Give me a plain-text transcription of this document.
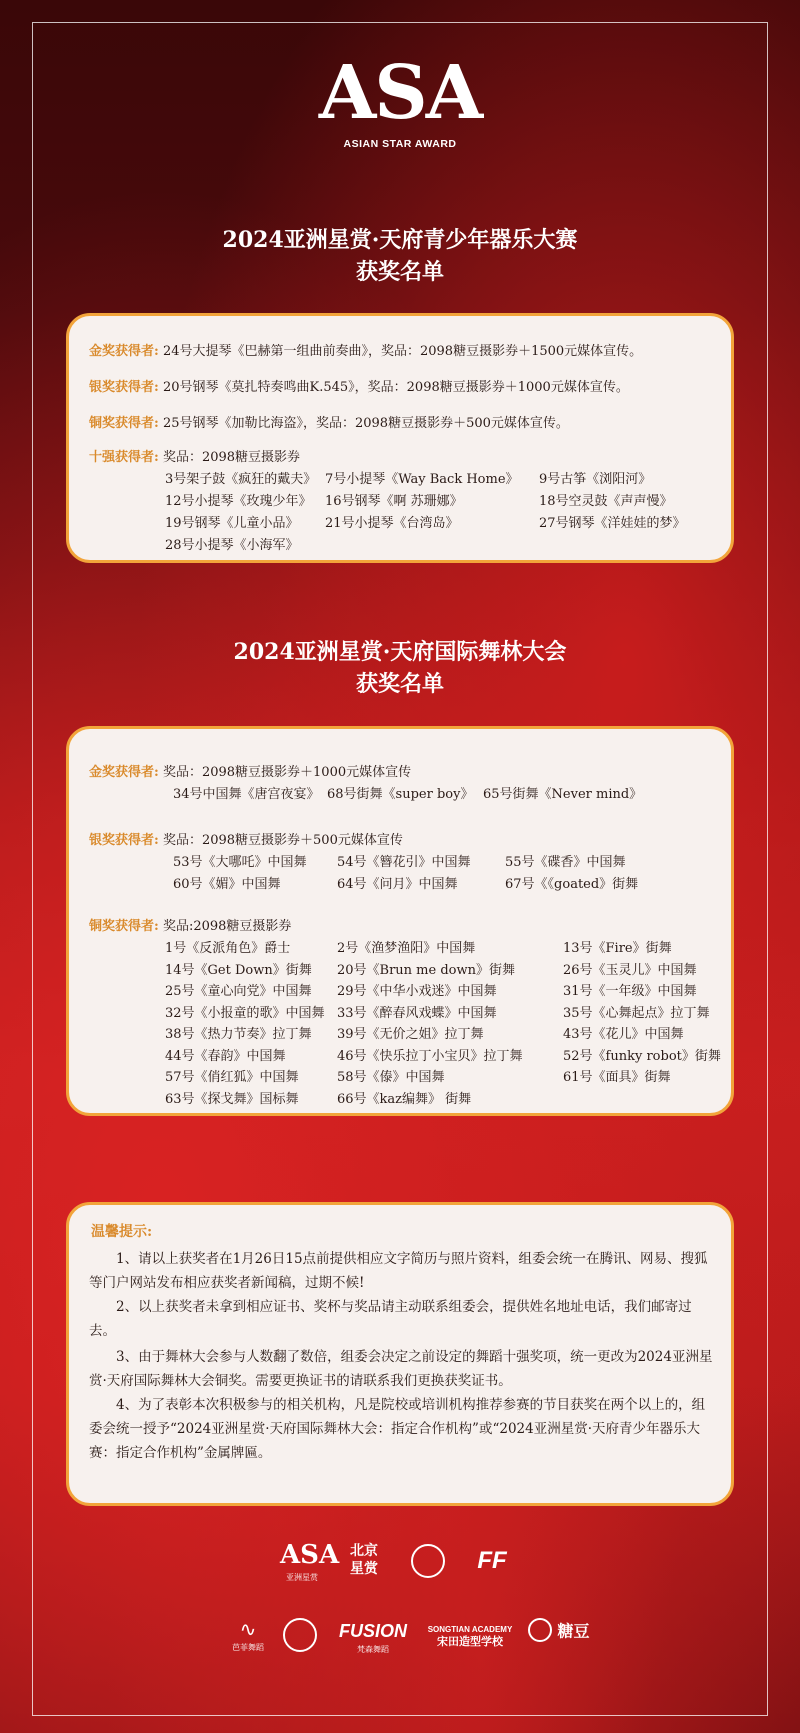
ASA
ASIAN STAR AWARD
2024亚洲星赏·天府青少年器乐大赛
获奖名单
金奖获得者: 24号大提琴《巴赫第一组曲前奏曲》，奖品：2098糖豆摄影券＋1500元媒体宣传。
银奖获得者: 20号钢琴《莫扎特奏鸣曲K.545》，奖品：2098糖豆摄影券＋1000元媒体宣传。
铜奖获得者: 25号钢琴《加勒比海盗》，奖品：2098糖豆摄影券＋500元媒体宣传。
十强获得者: 奖品：2098糖豆摄影券
3号架子鼓《疯狂的戴夫》 7号小提琴《Way Back Home》 9号古筝《浏阳河》
12号小提琴《玫瑰少年》 16号钢琴《啊 苏珊娜》	18号空灵鼓《声声慢》
19号钢琴《儿童小品》 21号小提琴《台湾岛》	27号钢琴《洋娃娃的梦》
28号小提琴《小海军》
2024亚洲星赏·天府国际舞林大会
获奖名单
金奖获得者: 奖品：2098糖豆摄影券＋1000元媒体宣传
34号中国舞《唐宫夜宴》 68号街舞《super boy》 65号街舞《Never mind》
银奖获得者: 奖品：2098糖豆摄影券＋500元媒体宣传
53号《大哪吒》中国舞 54号《簪花引》中国舞	55号《碟香》中国舞
60号《媚》中国舞	64号《问月》中国舞	67号《《goated》街舞
铜奖获得者: 奖品:2098糖豆摄影券
1号《反派角色》爵士	2号《渔梦渔阳》中国舞	13号《Fire》街舞
14号《Get Down》街舞 20号《Brun me down》街舞	26号《玉灵儿》中国舞
25号《童心向党》中国舞 29号《中华小戏迷》中国舞	31号《一年级》中国舞
32号《小报童的歌》中国舞 33号《醉春风戏蝶》中国舞	35号《心舞起点》拉丁舞
38号《热力节奏》拉丁舞 39号《无价之姐》拉丁舞	43号《花儿》中国舞
44号《春韵》中国舞	46号《快乐拉丁小宝贝》拉丁舞	52号《funky robot》街舞
57号《俏红狐》中国舞	58号《傣》中国舞	61号《面具》街舞
63号《探戈舞》国标舞	66号《kaz编舞》 街舞
温馨提示:
1、请以上获奖者在1月26日15点前提供相应文字简历与照片资料，组委会统一在腾讯、网易、搜狐等门户网站发布相应获奖者新闻稿，过期不候!
2、以上获奖者未拿到相应证书、奖杯与奖品请主动联系组委会，提供姓名地址电话，我们邮寄过去。
3、由于舞林大会参与人数翻了数倍，组委会决定之前设定的舞蹈十强奖项，统一更改为2024亚洲星赏·天府国际舞林大会铜奖。需要更换证书的请联系我们更换获奖证书。
4、为了表彰本次积极参与的相关机构，凡是院校或培训机构推荐参赛的节目获奖在两个以上的，组委会统一授予“2024亚洲星赏·天府国际舞林大会：指定合作机构”或“2024亚洲星赏·天府青少年器乐大赛：指定合作机构”金属牌匾。
ASA
亚洲星赏
北京星赏	FF
∿
芭菲舞蹈
FUSION
梵森舞蹈
SONGTIAN ACADEMY
宋田造型学校
糖豆
